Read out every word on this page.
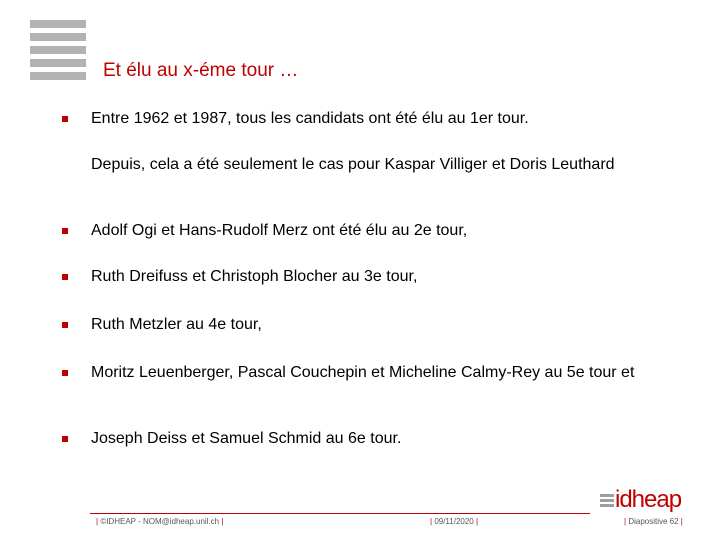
Et élu au x-éme tour …
Entre 1962 et 1987, tous les candidats ont été élu au 1er tour.
Depuis, cela a été seulement le cas pour Kaspar Villiger et Doris Leuthard
Adolf Ogi et Hans-Rudolf Merz ont été élu au 2e tour,
Ruth Dreifuss et Christoph Blocher au 3e tour,
Ruth Metzler au 4e tour,
Moritz Leuenberger, Pascal Couchepin et Micheline Calmy-Rey au 5e tour et
Joseph Deiss et Samuel Schmid au 6e tour.
| ©IDHEAP - NOM@idheap.unil.ch |	| 09/11/2020 |	| Diapositive 62 |
idheap
